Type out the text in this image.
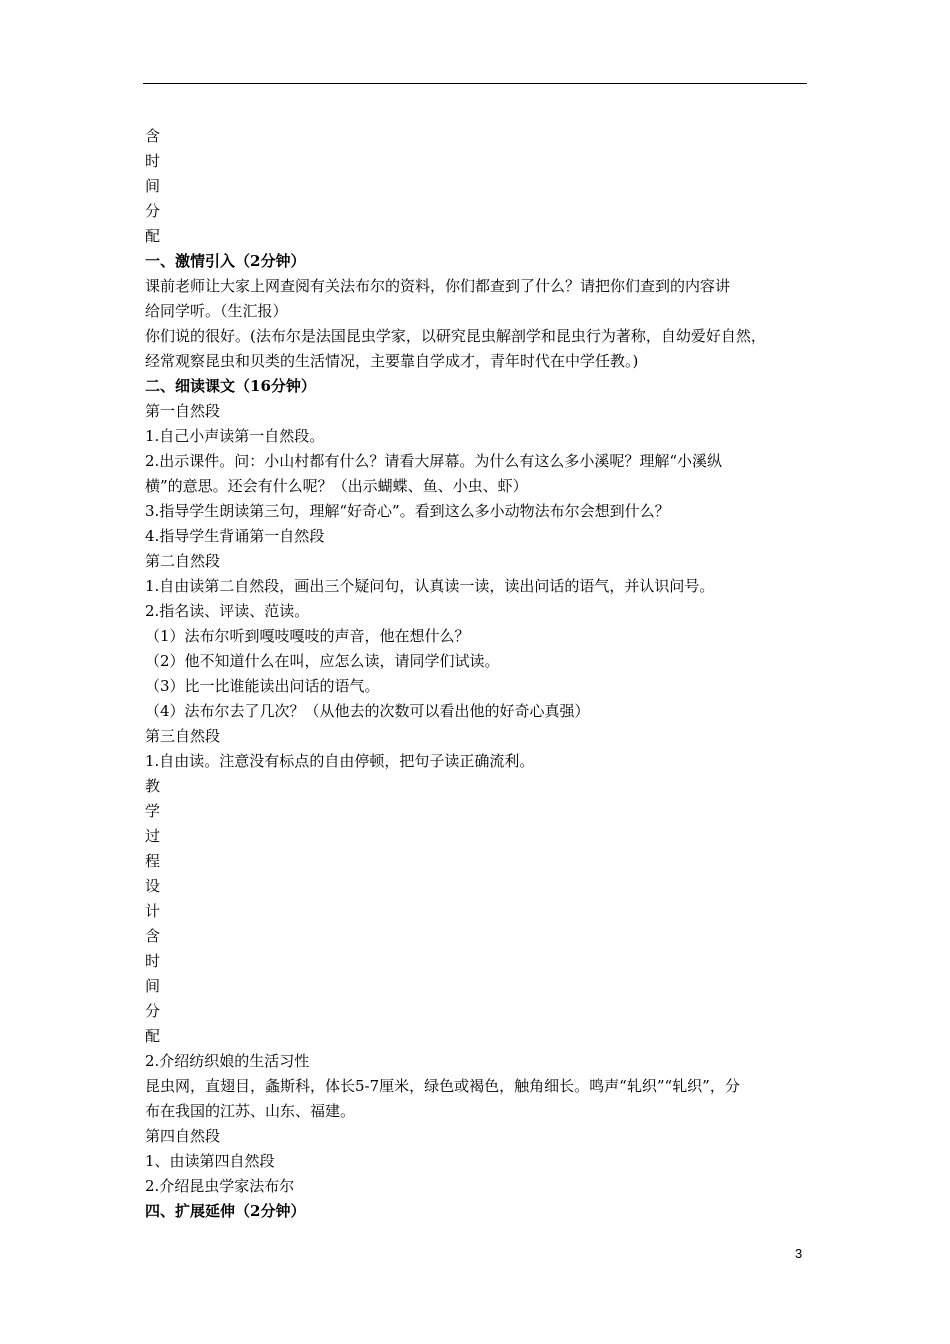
含
时
间
分
配
一、激情引入（2分钟）
课前老师让大家上网查阅有关法布尔的资料，你们都查到了什么？请把你们查到的内容讲
给同学听。（生汇报）
你们说的很好。(法布尔是法国昆虫学家，以研究昆虫解剖学和昆虫行为著称，自幼爱好自然，
经常观察昆虫和贝类的生活情况，主要靠自学成才，青年时代在中学任教。)
二、细读课文（16分钟）
第一自然段
1.自己小声读第一自然段。
2.出示课件。问：小山村都有什么？请看大屏幕。为什么有这么多小溪呢？理解“小溪纵
横”的意思。还会有什么呢？（出示蝴蝶、鱼、小虫、虾）
3.指导学生朗读第三句，理解“好奇心”。看到这么多小动物法布尔会想到什么？
4.指导学生背诵第一自然段
第二自然段
1.自由读第二自然段，画出三个疑问句，认真读一读，读出问话的语气，并认识问号。
2.指名读、评读、范读。
（1）法布尔听到嘎吱嘎吱的声音，他在想什么？
（2）他不知道什么在叫，应怎么读，请同学们试读。
（3）比一比谁能读出问话的语气。
（4）法布尔去了几次？（从他去的次数可以看出他的好奇心真强）
第三自然段
1.自由读。注意没有标点的自由停顿，把句子读正确流利。
教
学
过
程
设
计
含
时
间
分
配
2.介绍纺织娘的生活习性
昆虫网，直翅目，螽斯科，体长5-7厘米，绿色或褐色，触角细长。鸣声“轧织”“轧织”，分
布在我国的江苏、山东、福建。
第四自然段
1、由读第四自然段
2.介绍昆虫学家法布尔
四、扩展延伸（2分钟）
3
